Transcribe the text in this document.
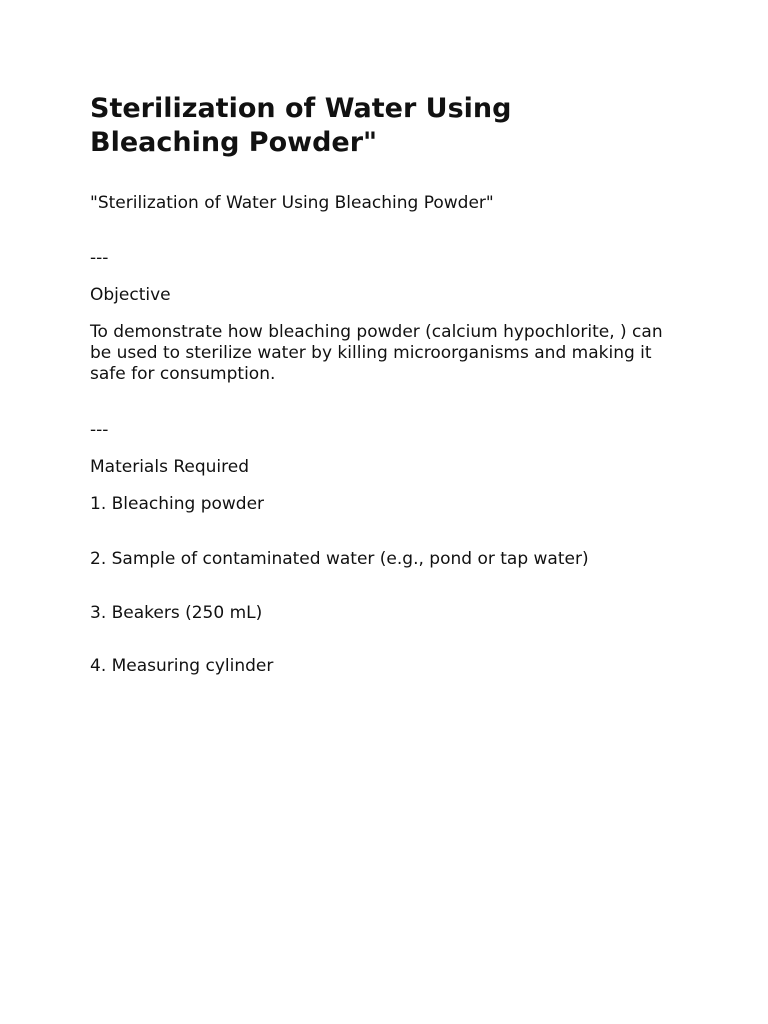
Sterilization of Water Using Bleaching Powder"

"Sterilization of Water Using Bleaching Powder"

---

Objective

To demonstrate how bleaching powder (calcium hypochlorite, ) can be used to sterilize water by killing microorganisms and making it safe for consumption.

---

Materials Required

1. Bleaching powder

2. Sample of contaminated water (e.g., pond or tap water)

3. Beakers (250 mL)

4. Measuring cylinder
